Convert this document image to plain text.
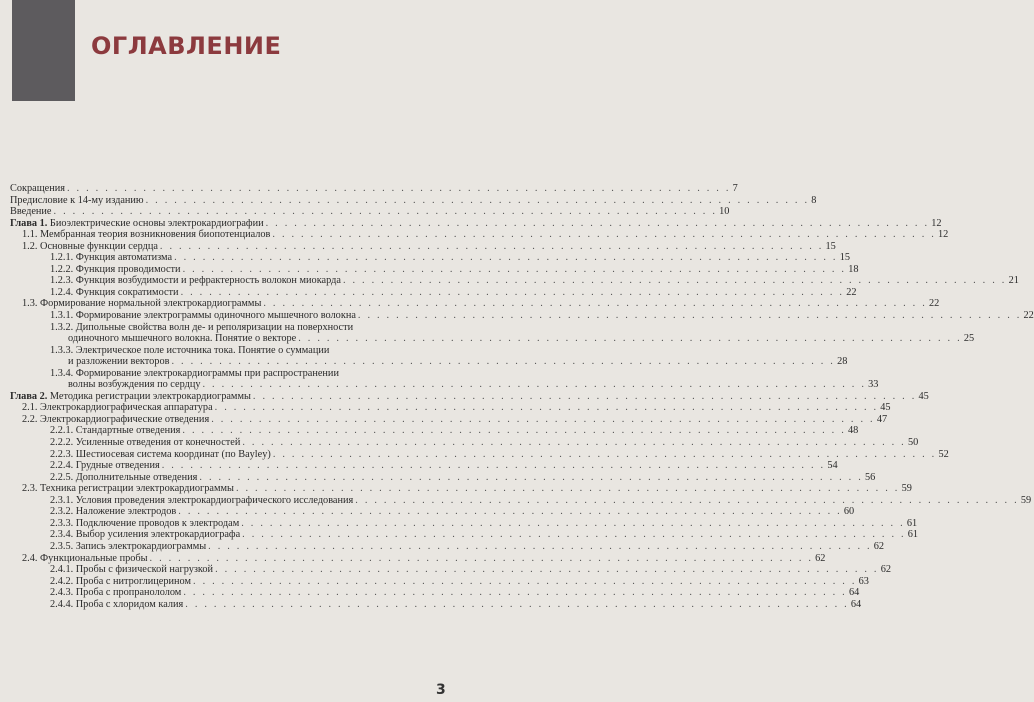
ОГЛАВЛЕНИЕ
Сокращения . . .	7
Предисловие к 14-му изданию . . .	8
Введение . . .	10
Глава 1. Биоэлектрические основы электрокардиографии . . .	12
1.1. Мембранная теория возникновения биопотенциалов . . .	12
1.2. Основные функции сердца . . .	15
1.2.1. Функция автоматизма . . .	15
1.2.2. Функция проводимости . . .	18
1.2.3. Функция возбудимости и рефрактерность волокон миокарда . . .	21
1.2.4. Функция сократимости . . .	22
1.3. Формирование нормальной электрокардиограммы . . .	22
1.3.1. Формирование электрограммы одиночного мышечного волокна . . .	22
1.3.2. Дипольные свойства волн де- и реполяризации на поверхности
одиночного мышечного волокна. Понятие о векторе . . .	25
1.3.3. Электрическое поле источника тока. Понятие о суммации
и разложении векторов . . .	28
1.3.4. Формирование электрокардиограммы при распространении
волны возбуждения по сердцу . . .	33
Глава 2. Методика регистрации электрокардиограммы . . .	45
2.1. Электрокардиографическая аппаратура . . .	45
2.2. Электрокардиографические отведения . . .	47
2.2.1. Стандартные отведения . . .	48
2.2.2. Усиленные отведения от конечностей . . .	50
2.2.3. Шестиосевая система координат (по Bayley) . . .	52
2.2.4. Грудные отведения . . .	54
2.2.5. Дополнительные отведения . . .	56
2.3. Техника регистрации электрокардиограммы . . .	59
2.3.1. Условия проведения электрокардиографического исследования . . .	59
2.3.2. Наложение электродов . . .	60
2.3.3. Подключение проводов к электродам . . .	61
2.3.4. Выбор усиления электрокардиографа . . .	61
2.3.5. Запись электрокардиограммы . . .	62
2.4. Функциональные пробы . . .	62
2.4.1. Пробы с физической нагрузкой . . .	62
2.4.2. Проба с нитроглицерином . . .	63
2.4.3. Проба с пропранололом . . .	64
2.4.4. Проба с хлоридом калия . . .	64
3
